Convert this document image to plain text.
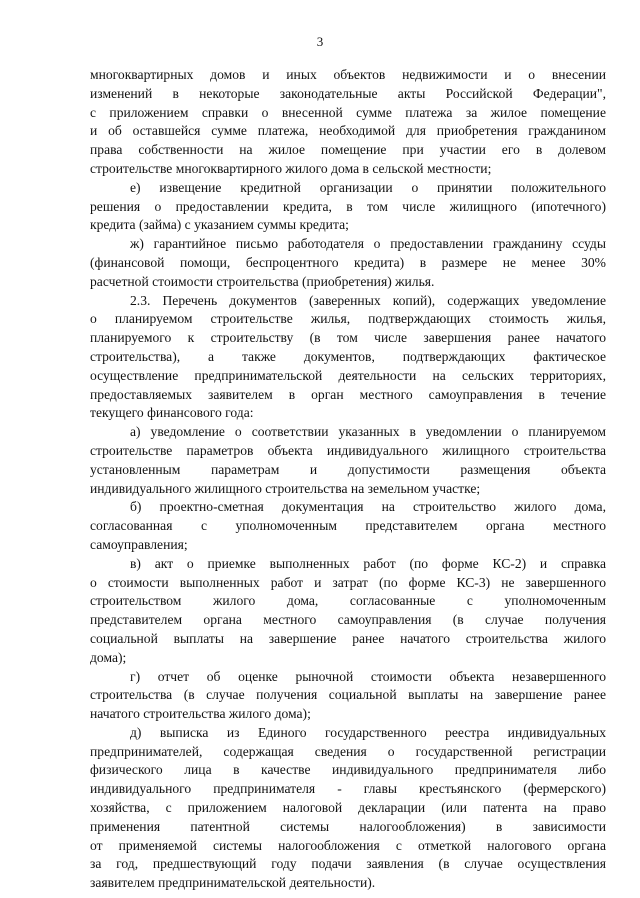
3
многоквартирных домов и иных объектов недвижимости и о внесении
изменений в некоторые законодательные акты Российской Федерации",
с приложением справки о внесенной сумме платежа за жилое помещение
и об оставшейся сумме платежа, необходимой для приобретения гражданином
права собственности на жилое помещение при участии его в долевом
строительстве многоквартирного жилого дома в сельской местности;
е) извещение кредитной организации о принятии положительного
решения о предоставлении кредита, в том числе жилищного (ипотечного)
кредита (займа) с указанием суммы кредита;
ж) гарантийное письмо работодателя о предоставлении гражданину ссуды
(финансовой помощи, беспроцентного кредита) в размере не менее 30%
расчетной стоимости строительства (приобретения) жилья.
2.3. Перечень документов (заверенных копий), содержащих уведомление
о планируемом строительстве жилья, подтверждающих стоимость жилья,
планируемого к строительству (в том числе завершения ранее начатого
строительства), а также документов, подтверждающих фактическое
осуществление предпринимательской деятельности на сельских территориях,
предоставляемых заявителем в орган местного самоуправления в течение
текущего финансового года:
а) уведомление о соответствии указанных в уведомлении о планируемом
строительстве параметров объекта индивидуального жилищного строительства
установленным параметрам и допустимости размещения объекта
индивидуального жилищного строительства на земельном участке;
б) проектно-сметная документация на строительство жилого дома,
согласованная с уполномоченным представителем органа местного
самоуправления;
в) акт о приемке выполненных работ (по форме КС-2) и справка
о стоимости выполненных работ и затрат (по форме КС-3) не завершенного
строительством жилого дома, согласованные с уполномоченным
представителем органа местного самоуправления (в случае получения
социальной выплаты на завершение ранее начатого строительства жилого
дома);
г) отчет об оценке рыночной стоимости объекта незавершенного
строительства (в случае получения социальной выплаты на завершение ранее
начатого строительства жилого дома);
д) выписка из Единого государственного реестра индивидуальных
предпринимателей, содержащая сведения о государственной регистрации
физического лица в качестве индивидуального предпринимателя либо
индивидуального предпринимателя - главы крестьянского (фермерского)
хозяйства, с приложением налоговой декларации (или патента на право
применения патентной системы налогообложения) в зависимости
от применяемой системы налогообложения с отметкой налогового органа
за год, предшествующий году подачи заявления (в случае осуществления
заявителем предпринимательской деятельности).
